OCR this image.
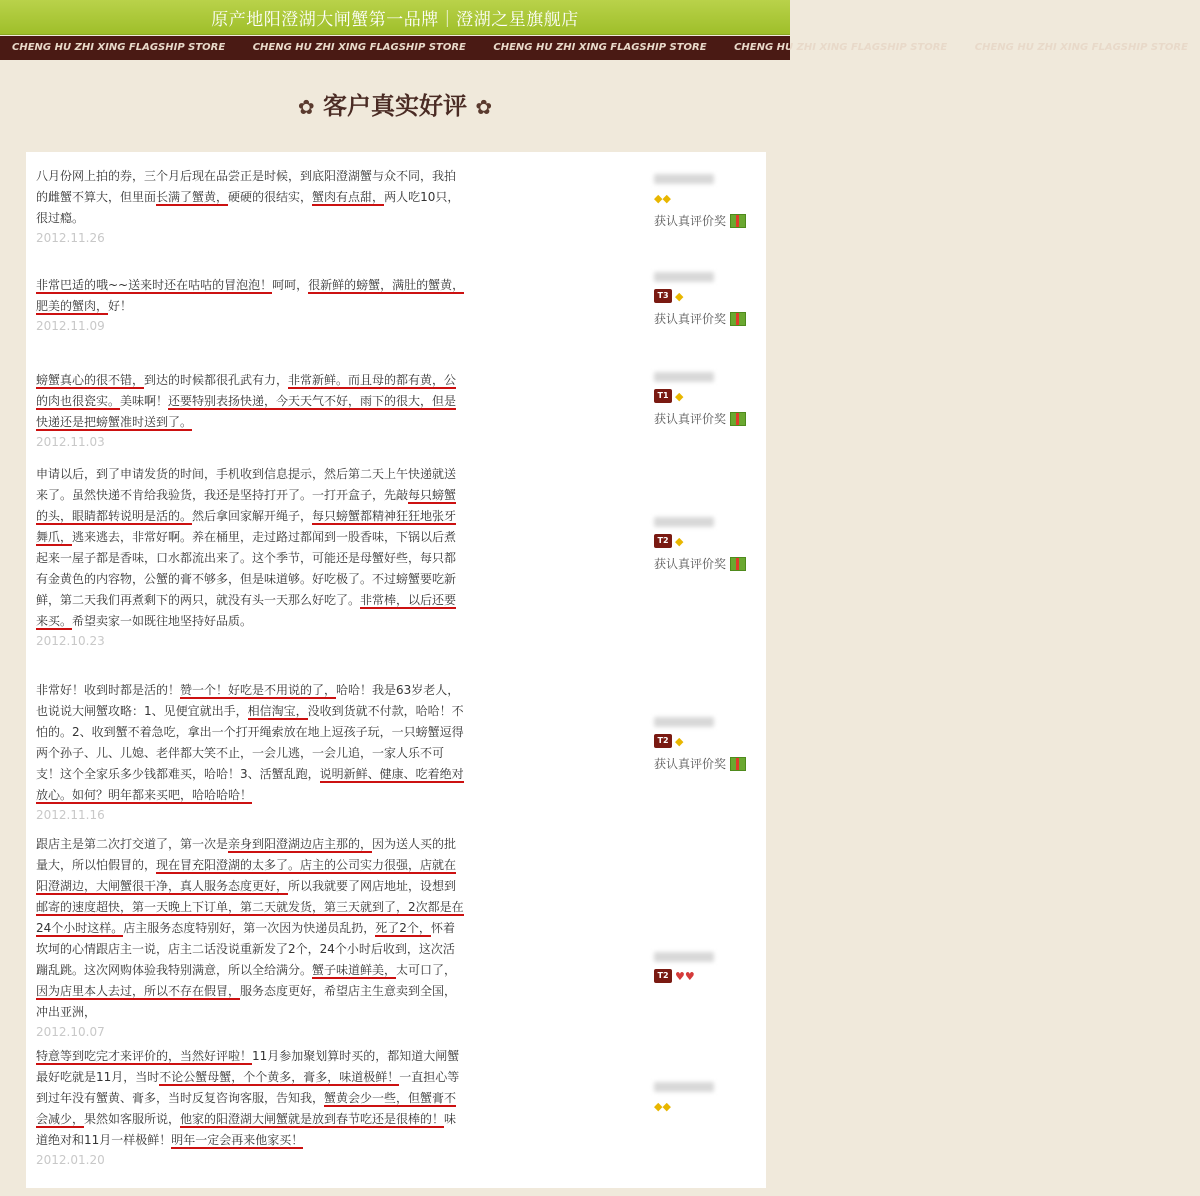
原产地阳澄湖大闸蟹第一品牌｜澄湖之星旗舰店
CHENG HU ZHI XING FLAGSHIP STORE	CHENG HU ZHI XING FLAGSHIP STORE	CHENG HU ZHI XING FLAGSHIP STORE	CHENG HU ZHI XING FLAGSHIP STORE	CHENG HU ZHI XING FLAGSHIP STORE
✿ 客户真实好评 ✿
八月份网上拍的券，三个月后现在品尝正是时候，到底阳澄湖蟹与众不同，我拍的雌蟹不算大，但里面长满了蟹黄，硬硬的很结实，蟹肉有点甜，两人吃10只，很过瘾。
2012.11.26
◆◆
获认真评价奖
非常巴适的哦~~送来时还在咕咕的冒泡泡！呵呵，很新鲜的螃蟹，满肚的蟹黄，肥美的蟹肉，好！
2012.11.09
T3 ◆
获认真评价奖
螃蟹真心的很不错，到达的时候都很孔武有力，非常新鲜。而且母的都有黄，公的肉也很瓷实。美味啊！还要特别表扬快递，今天天气不好，雨下的很大，但是快递还是把螃蟹准时送到了。
2012.11.03
T1 ◆
获认真评价奖
申请以后，到了申请发货的时间，手机收到信息提示，然后第二天上午快递就送来了。虽然快递不肯给我验货，我还是坚持打开了。一打开盒子，先敲每只螃蟹的头，眼睛都转说明是活的。然后拿回家解开绳子，每只螃蟹都精神狂狂地张牙舞爪，逃来逃去，非常好啊。养在桶里，走过路过都闻到一股香味，下锅以后煮起来一屋子都是香味，口水都流出来了。这个季节，可能还是母蟹好些，每只都有金黄色的内容物，公蟹的膏不够多，但是味道够。好吃极了。不过螃蟹要吃新鲜，第二天我们再煮剩下的两只，就没有头一天那么好吃了。非常棒，以后还要来买。希望卖家一如既往地坚持好品质。
2012.10.23
T2 ◆
获认真评价奖
非常好！收到时都是活的！赞一个！好吃是不用说的了，哈哈！我是63岁老人，也说说大闸蟹攻略：1、见便宜就出手，相信淘宝，没收到货就不付款，哈哈！不怕的。2、收到蟹不着急吃，拿出一个打开绳索放在地上逗孩子玩，一只螃蟹逗得两个孙子、儿、儿媳、老伴都大笑不止，一会儿逃，一会儿追，一家人乐不可支！这个全家乐多少钱都难买，哈哈！3、活蟹乱跑，说明新鲜、健康、吃着绝对放心。如何？明年都来买吧，哈哈哈哈！
2012.11.16
T2 ◆
获认真评价奖
跟店主是第二次打交道了，第一次是亲身到阳澄湖边店主那的，因为送人买的批量大，所以怕假冒的，现在冒充阳澄湖的太多了。店主的公司实力很强，店就在阳澄湖边，大闸蟹很干净，真人服务态度更好，所以我就要了网店地址，设想到邮寄的速度超快，第一天晚上下订单，第二天就发货，第三天就到了，2次都是在24个小时这样。店主服务态度特别好，第一次因为快递员乱扔，死了2个，怀着坎坷的心情跟店主一说，店主二话没说重新发了2个，24个小时后收到，这次活蹦乱跳。这次网购体验我特别满意，所以全给满分。蟹子味道鲜美，太可口了，因为店里本人去过，所以不存在假冒，服务态度更好，希望店主生意卖到全国，冲出亚洲，
2012.10.07
T2 ♥♥
特意等到吃完才来评价的，当然好评啦！11月参加聚划算时买的，都知道大闸蟹最好吃就是11月，当时不论公蟹母蟹，个个黄多，膏多，味道极鲜！一直担心等到过年没有蟹黄、膏多，当时反复咨询客服，告知我，蟹黄会少一些，但蟹膏不会减少，果然如客服所说，他家的阳澄湖大闸蟹就是放到春节吃还是很棒的！味道绝对和11月一样极鲜！明年一定会再来他家买！
2012.01.20
◆◆
